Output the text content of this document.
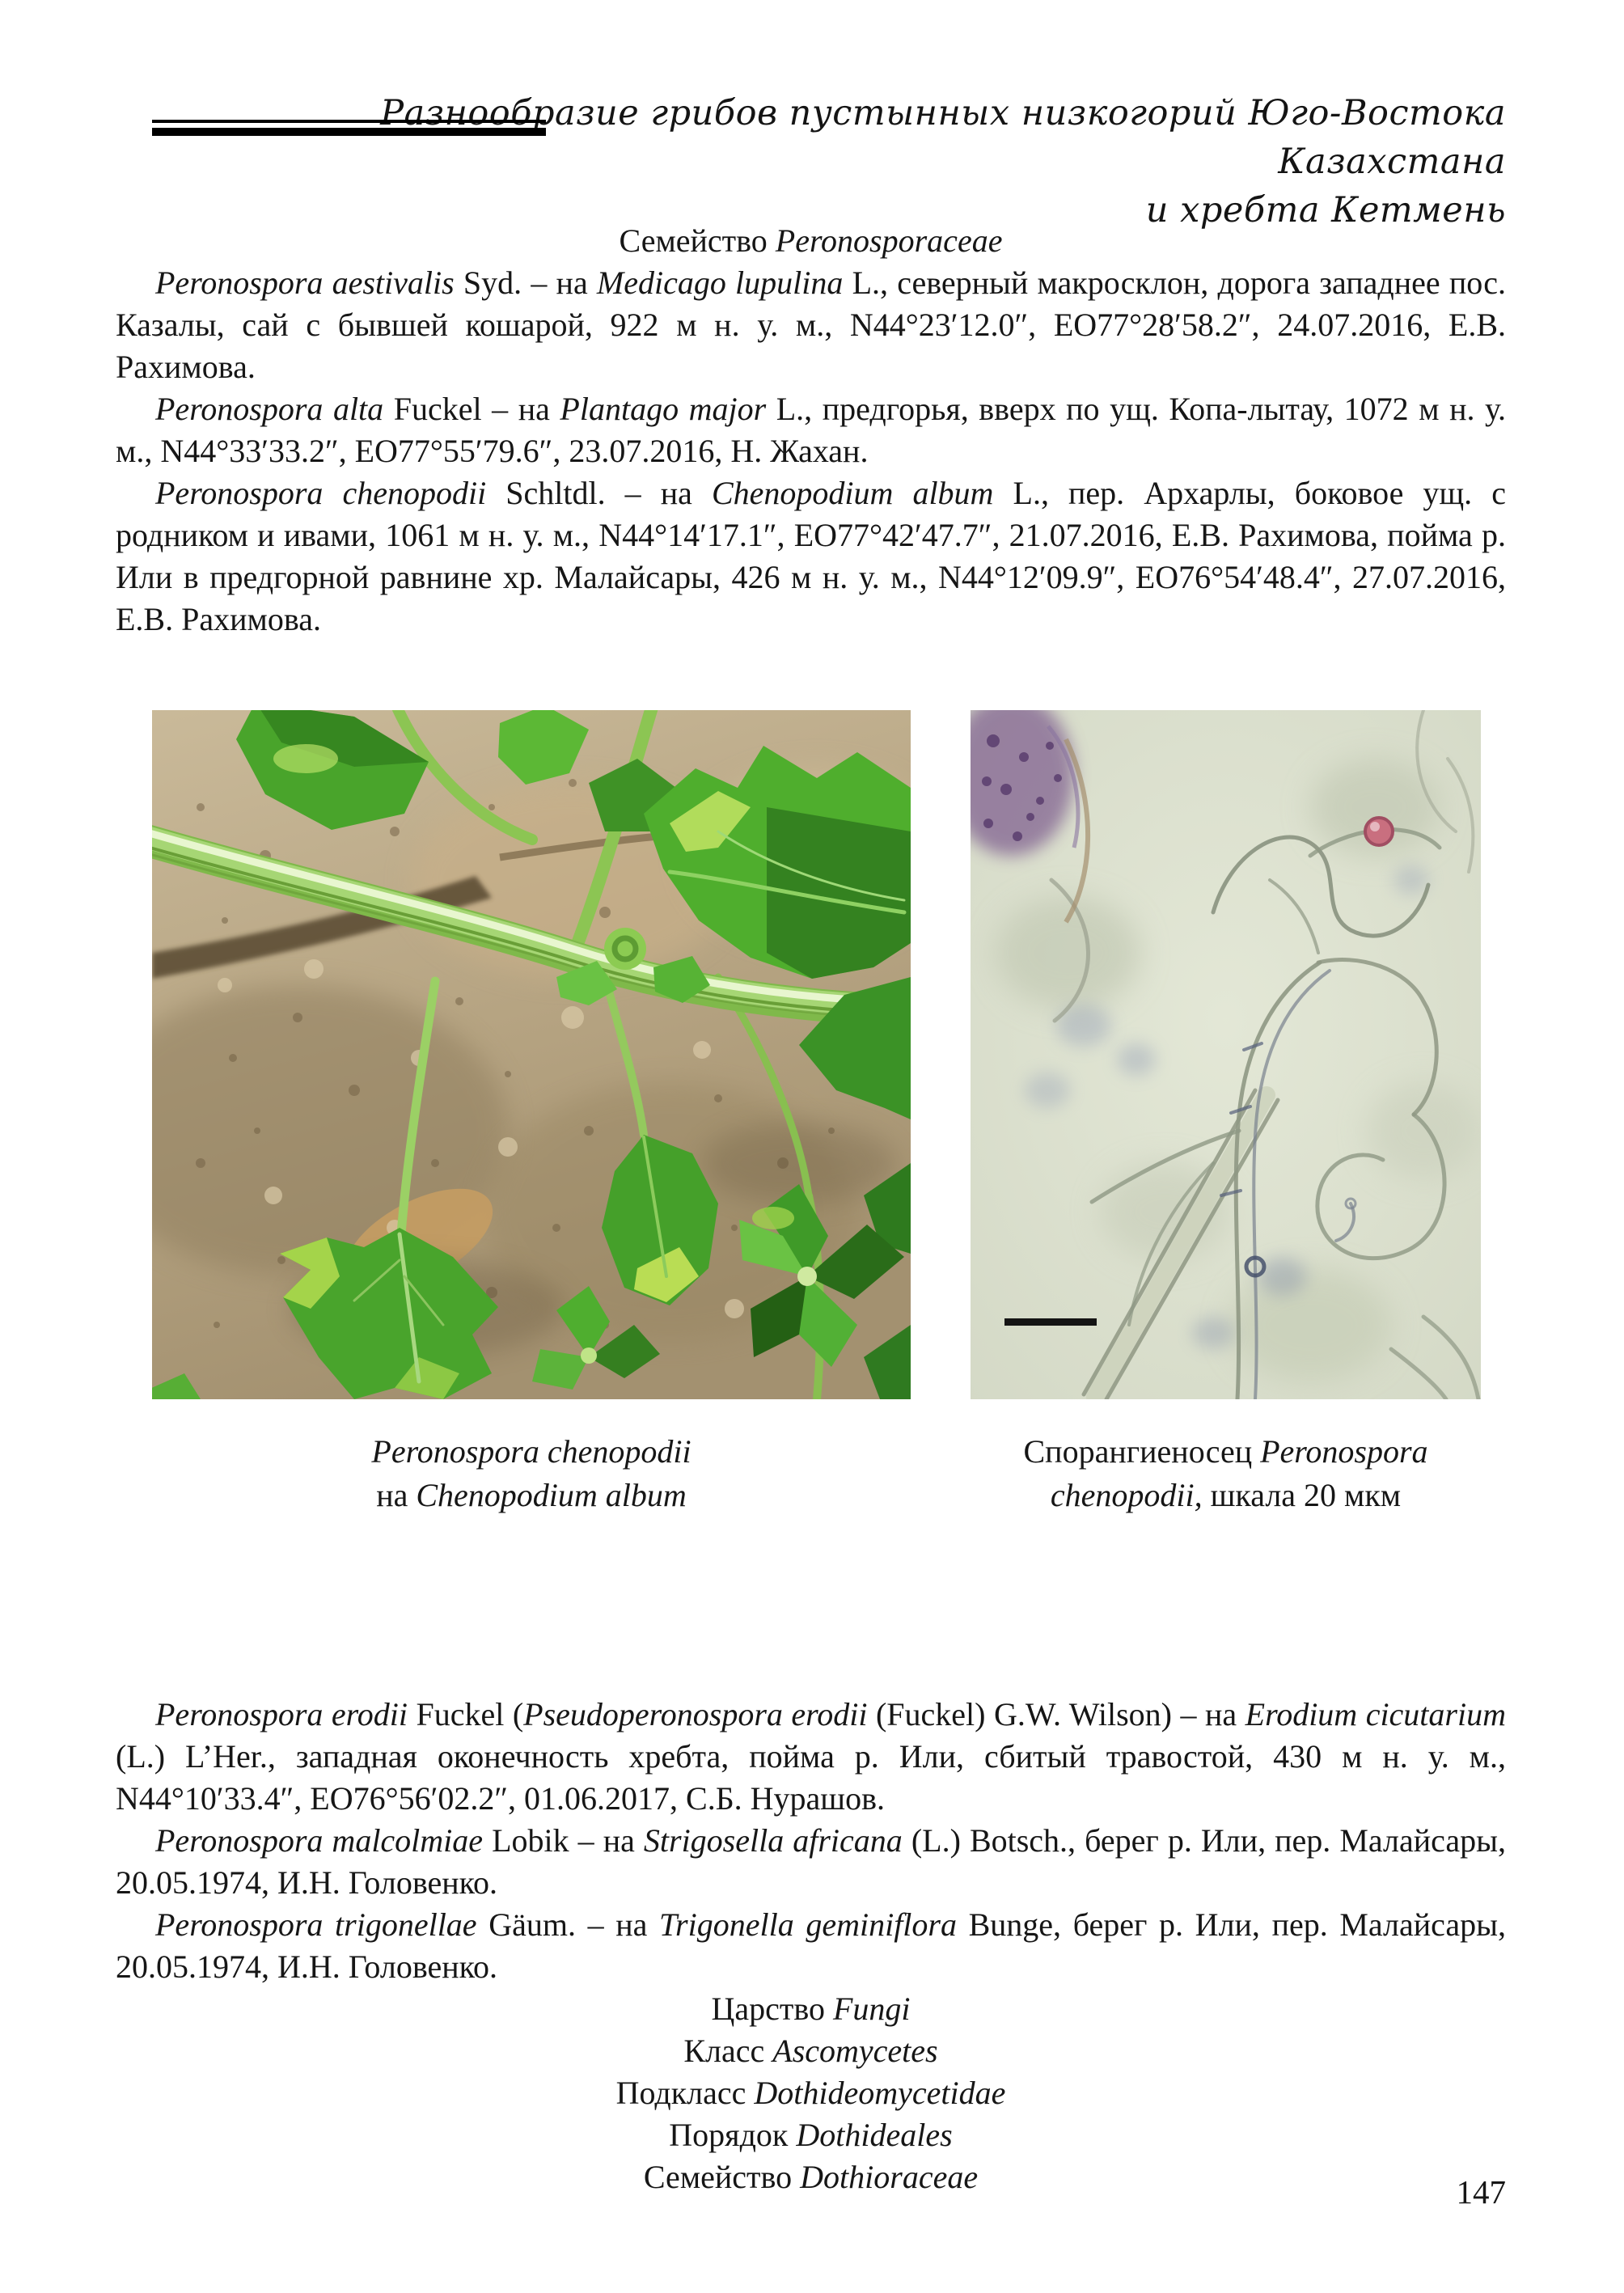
Разнообразие грибов пустынных низкогорий Юго-Востока Казахстана
и хребта Кетмень

Семейство Peronosporaceae

Peronospora aestivalis Syd. – на Medicago lupulina L., северный макросклон, дорога западнее пос. Казалы, сай с бывшей кошарой, 922 м н. у. м., N44°23′12.0″, EO77°28′58.2″, 24.07.2016, Е.В. Рахимова.

Peronospora alta Fuckel – на Plantago major L., предгорья, вверх по ущ. Копа-лытау, 1072 м н. у. м., N44°33′33.2″, EO77°55′79.6″, 23.07.2016, Н. Жахан.

Peronospora chenopodii Schltdl. – на Chenopodium album L., пер. Архарлы, боковое ущ. с родником и ивами, 1061 м н. у. м., N44°14′17.1″, EO77°42′47.7″, 21.07.2016, Е.В. Рахимова, пойма р. Или в предгорной равнине хр. Малайсары, 426 м н. у. м., N44°12′09.9″, EO76°54′48.4″, 27.07.2016, Е.В. Рахимова.

Peronospora chenopodii
на Chenopodium album
Спорангиеносец Peronospora
chenopodii, шкала 20 мкм

Peronospora erodii Fuckel (Pseudoperonospora erodii (Fuckel) G.W. Wilson) – на Erodium cicutarium (L.) L’Her., западная оконечность хребта, пойма р. Или, сбитый травостой, 430 м н. у. м., N44°10′33.4″, EO76°56′02.2″, 01.06.2017, С.Б. Нурашов.

Peronospora malcolmiae Lobik – на Strigosella africana (L.) Botsch., берег р. Или, пер. Малайсары, 20.05.1974, И.Н. Головенко.

Peronospora trigonellae Gäum. – на Trigonella geminiflora Bunge, берег р. Или, пер. Малайсары, 20.05.1974, И.Н. Головенко.

Царство Fungi

Класс Ascomycetes

Подкласс Dothideomycetidae

Порядок Dothideales

Семейство Dothioraceae	147
